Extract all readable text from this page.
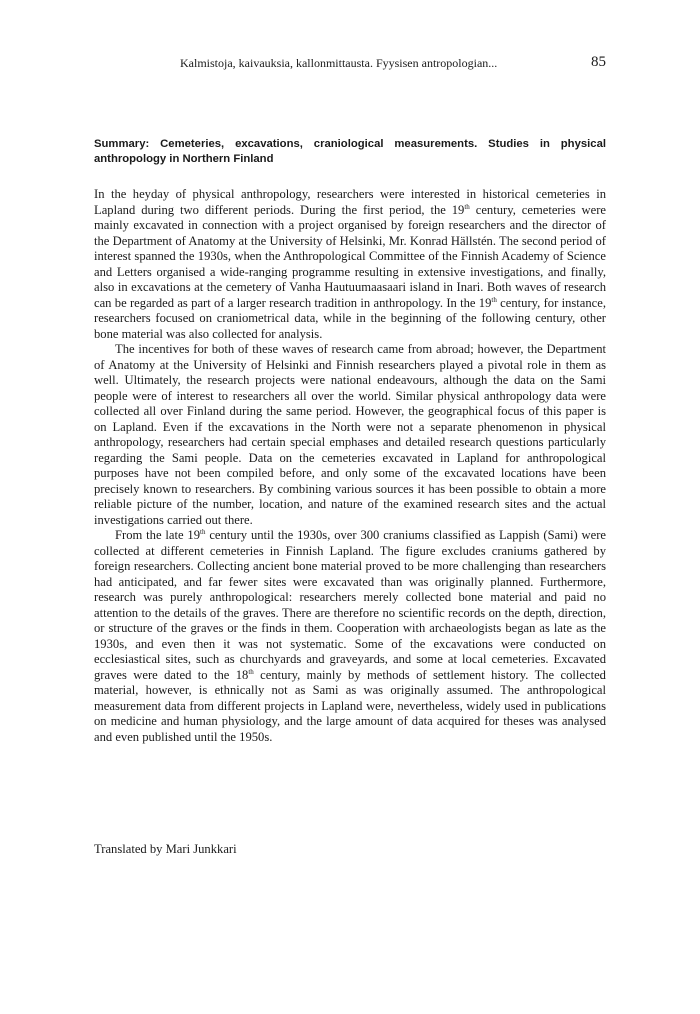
Kalmistoja, kaivauksia, kallonmittausta. Fyysisen antropologian...	85
Summary: Cemeteries, excavations, craniological measurements. Studies in physical anthropology in Northern Finland

In the heyday of physical anthropology, researchers were interested in historical cemeteries in Lapland during two different periods. During the first period, the 19th century, cemeteries were mainly excavated in connection with a project organised by foreign researchers and the director of the Department of Anatomy at the University of Helsinki, Mr. Konrad Hällstén. The second period of interest spanned the 1930s, when the Anthropological Committee of the Finnish Academy of Science and Letters organised a wide-ranging programme resulting in extensive investigations, and finally, also in excavations at the cemetery of Vanha Hautuumaasaari island in Inari. Both waves of research can be regarded as part of a larger research tradition in anthropology. In the 19th century, for instance, researchers focused on craniometrical data, while in the beginning of the following century, other bone material was also collected for analysis.

The incentives for both of these waves of research came from abroad; however, the Department of Anatomy at the University of Helsinki and Finnish researchers played a pivotal role in them as well. Ultimately, the research projects were national endeavours, although the data on the Sami people were of interest to researchers all over the world. Similar physical anthropology data were collected all over Finland during the same period. However, the geographical focus of this paper is on Lapland. Even if the excavations in the North were not a separate phenomenon in physical anthropology, researchers had certain special emphases and detailed research questions particularly regarding the Sami people. Data on the cemeteries excavated in Lapland for anthropological purposes have not been compiled before, and only some of the excavated locations have been precisely known to researchers. By combining various sources it has been possible to obtain a more reliable picture of the number, location, and nature of the examined research sites and the actual investigations carried out there.

From the late 19th century until the 1930s, over 300 craniums classified as Lappish (Sami) were collected at different cemeteries in Finnish Lapland. The figure excludes craniums gathered by foreign researchers. Collecting ancient bone material proved to be more challenging than researchers had anticipated, and far fewer sites were excavated than was originally planned. Furthermore, research was purely anthropological: researchers merely collected bone material and paid no attention to the details of the graves. There are therefore no scientific records on the depth, direction, or structure of the graves or the finds in them. Cooperation with archaeologists began as late as the 1930s, and even then it was not systematic. Some of the excavations were conducted on ecclesiastical sites, such as churchyards and graveyards, and some at local cemeteries. Excavated graves were dated to the 18th century, mainly by methods of settlement history. The collected material, however, is ethnically not as Sami as was originally assumed. The anthropological measurement data from different projects in Lapland were, nevertheless, widely used in publications on medicine and human physiology, and the large amount of data acquired for theses was analysed and even published until the 1950s.

Translated by Mari Junkkari
